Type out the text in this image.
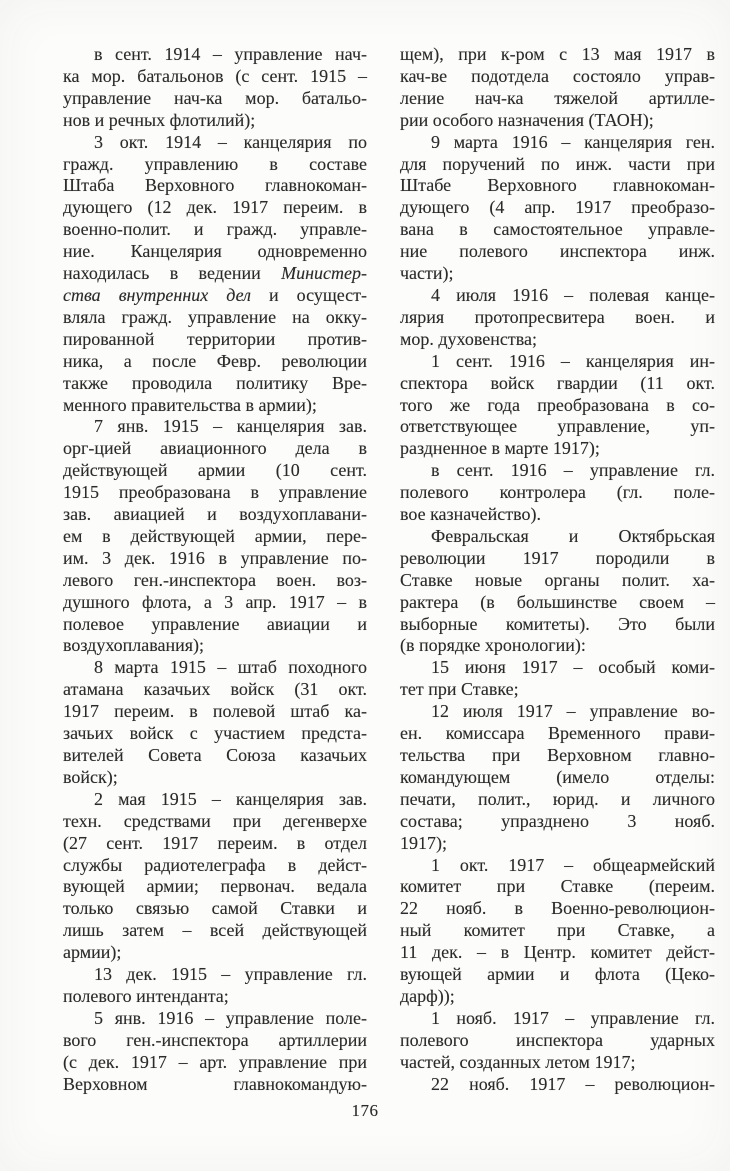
в сент. 1914 – управление нач-
ка мор. батальонов (с сент. 1915 –
управление нач-ка мор. батальо-
нов и речных флотилий);
3 окт. 1914 – канцелярия по
гражд. управлению в составе
Штаба Верховного главнокоман-
дующего (12 дек. 1917 переим. в
военно-полит. и гражд. управле-
ние. Канцелярия одновременно
находилась в ведении Министер-
ства внутренних дел и осущест-
вляла гражд. управление на окку-
пированной территории против-
ника, а после Февр. революции
также проводила политику Вре-
менного правительства в армии);
7 янв. 1915 – канцелярия зав.
орг-цией авиационного дела в
действующей армии (10 сент.
1915 преобразована в управление
зав. авиацией и воздухоплавани-
ем в действующей армии, пере-
им. 3 дек. 1916 в управление по-
левого ген.-инспектора воен. воз-
душного флота, а 3 апр. 1917 – в
полевое управление авиации и
воздухоплавания);
8 марта 1915 – штаб походного
атамана казачьих войск (31 окт.
1917 переим. в полевой штаб ка-
зачьих войск с участием предста-
вителей Совета Союза казачьих
войск);
2 мая 1915 – канцелярия зав.
техн. средствами при дегенверхе
(27 сент. 1917 переим. в отдел
службы радиотелеграфа в дейст-
вующей армии; первонач. ведала
только связью самой Ставки и
лишь затем – всей действующей
армии);
13 дек. 1915 – управление гл.
полевого интенданта;
5 янв. 1916 – управление поле-
вого ген.-инспектора артиллерии
(с дек. 1917 – арт. управление при
Верховном главнокомандую-
щем), при к-ром с 13 мая 1917 в
кач-ве подотдела состояло управ-
ление нач-ка тяжелой артилле-
рии особого назначения (ТАОН);
9 марта 1916 – канцелярия ген.
для поручений по инж. части при
Штабе Верховного главнокоман-
дующего (4 апр. 1917 преобразо-
вана в самостоятельное управле-
ние полевого инспектора инж.
части);
4 июля 1916 – полевая канце-
лярия протопресвитера воен. и
мор. духовенства;
1 сент. 1916 – канцелярия ин-
спектора войск гвардии (11 окт.
того же года преобразована в со-
ответствующее управление, уп-
раздненное в марте 1917);
в сент. 1916 – управление гл.
полевого контролера (гл. поле-
вое казначейство).
Февральская и Октябрьская
революции 1917 породили в
Ставке новые органы полит. ха-
рактера (в большинстве своем –
выборные комитеты). Это были
(в порядке хронологии):
15 июня 1917 – особый коми-
тет при Ставке;
12 июля 1917 – управление во-
ен. комиссара Временного прави-
тельства при Верховном главно-
командующем (имело отделы:
печати, полит., юрид. и личного
состава; упразднено 3 нояб.
1917);
1 окт. 1917 – общеармейский
комитет при Ставке (переим.
22 нояб. в Военно-революцион-
ный комитет при Ставке, а
11 дек. – в Центр. комитет дейст-
вующей армии и флота (Цеко-
дарф));
1 нояб. 1917 – управление гл.
полевого инспектора ударных
частей, созданных летом 1917;
22 нояб. 1917 – революцион-
176
